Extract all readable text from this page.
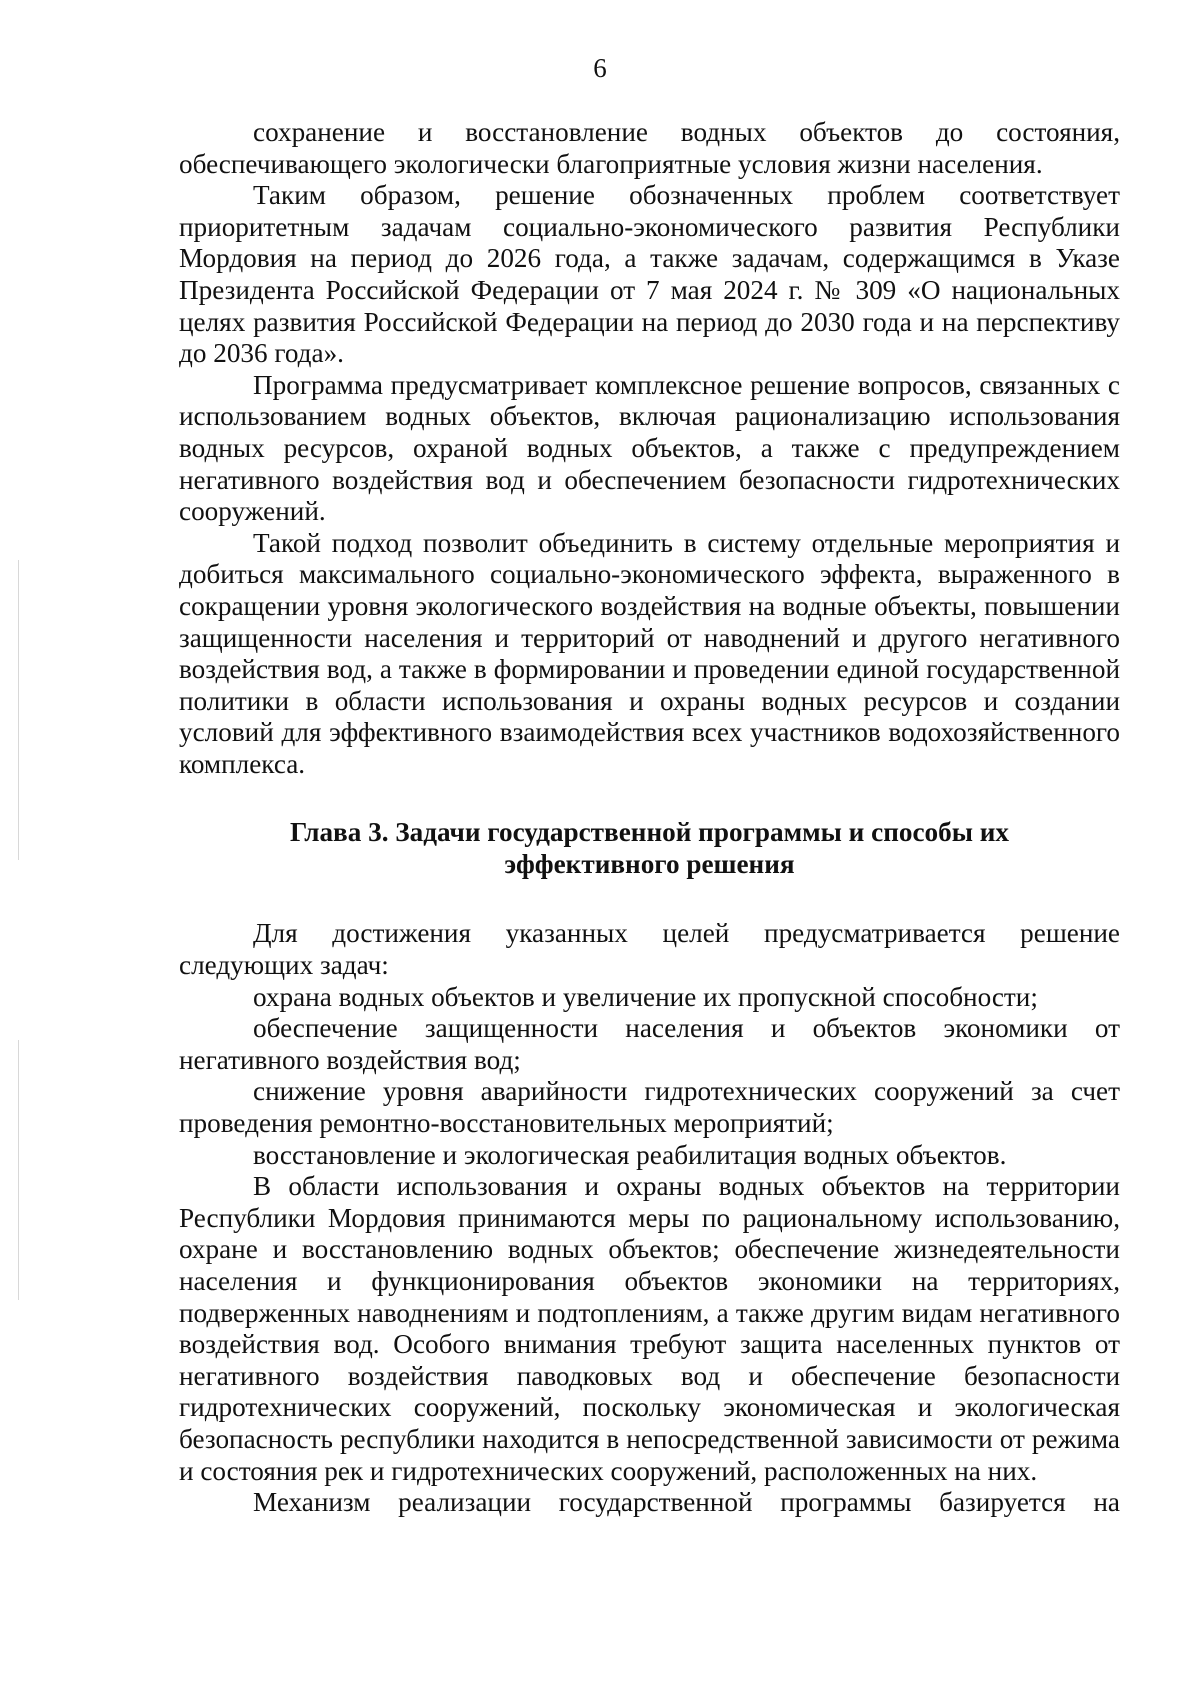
6

сохранение и восстановление водных объектов до состояния, обеспечивающего экологически благоприятные условия жизни населения.

Таким образом, решение обозначенных проблем соответствует приоритетным задачам социально-экономического развития Республики Мордовия на период до 2026 года, а также задачам, содержащимся в Указе Президента Российской Федерации от 7 мая 2024 г. № 309 «О национальных целях развития Российской Федерации на период до 2030 года и на перспективу до 2036 года».

Программа предусматривает комплексное решение вопросов, связанных с использованием водных объектов, включая рационализацию использования водных ресурсов, охраной водных объектов, а также с предупреждением негативного воздействия вод и обеспечением безопасности гидротехнических сооружений.

Такой подход позволит объединить в систему отдельные мероприятия и добиться максимального социально-экономического эффекта, выраженного в сокращении уровня экологического воздействия на водные объекты, повышении защищенности населения и территорий от наводнений и другого негативного воздействия вод, а также в формировании и проведении единой государственной политики в области использования и охраны водных ресурсов и создании условий для эффективного взаимодействия всех участников водохозяйственного комплекса.

Глава 3. Задачи государственной программы и способы их
эффективного решения

Для достижения указанных целей предусматривается решение следующих задач:

охрана водных объектов и увеличение их пропускной способности;

обеспечение защищенности населения и объектов экономики от негативного воздействия вод;

снижение уровня аварийности гидротехнических сооружений за счет проведения ремонтно-восстановительных мероприятий;

восстановление и экологическая реабилитация водных объектов.

В области использования и охраны водных объектов на территории Республики Мордовия принимаются меры по рациональному использованию, охране и восстановлению водных объектов; обеспечение жизнедеятельности населения и функционирования объектов экономики на территориях, подверженных наводнениям и подтоплениям, а также другим видам негативного воздействия вод. Особого внимания требуют защита населенных пунктов от негативного воздействия паводковых вод и обеспечение безопасности гидротехнических сооружений, поскольку экономическая и экологическая безопасность республики находится в непосредственной зависимости от режима и состояния рек и гидротехнических сооружений, расположенных на них.

Механизм реализации государственной программы базируется на
